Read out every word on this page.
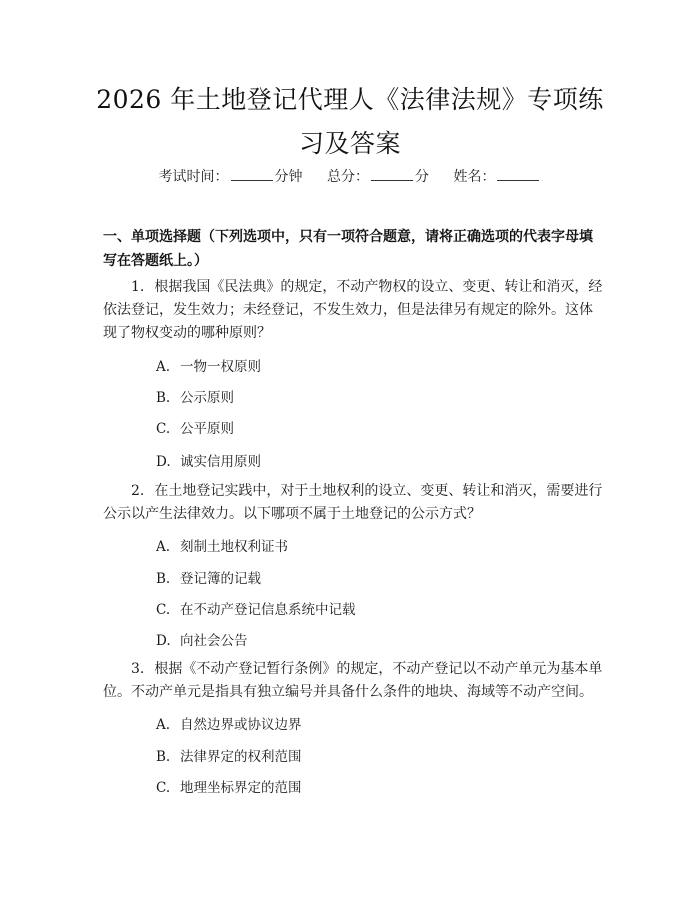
2026 年土地登记代理人《法律法规》专项练
习及答案
考试时间：	分钟 总分：	分 姓名：
一、单项选择题（下列选项中，只有一项符合题意，请将正确选项的代表字母填写在答题纸上。）
1. 根据我国《民法典》的规定，不动产物权的设立、变更、转让和消灭，经依法登记，发生效力；未经登记，不发生效力，但是法律另有规定的除外。这体现了物权变动的哪种原则？
A. 一物一权原则
B. 公示原则
C. 公平原则
D. 诚实信用原则
2. 在土地登记实践中，对于土地权利的设立、变更、转让和消灭，需要进行公示以产生法律效力。以下哪项不属于土地登记的公示方式？
A. 刻制土地权利证书
B. 登记簿的记载
C. 在不动产登记信息系统中记载
D. 向社会公告
3. 根据《不动产登记暂行条例》的规定，不动产登记以不动产单元为基本单位。不动产单元是指具有独立编号并具备什么条件的地块、海域等不动产空间。
A. 自然边界或协议边界
B. 法律界定的权利范围
C. 地理坐标界定的范围
